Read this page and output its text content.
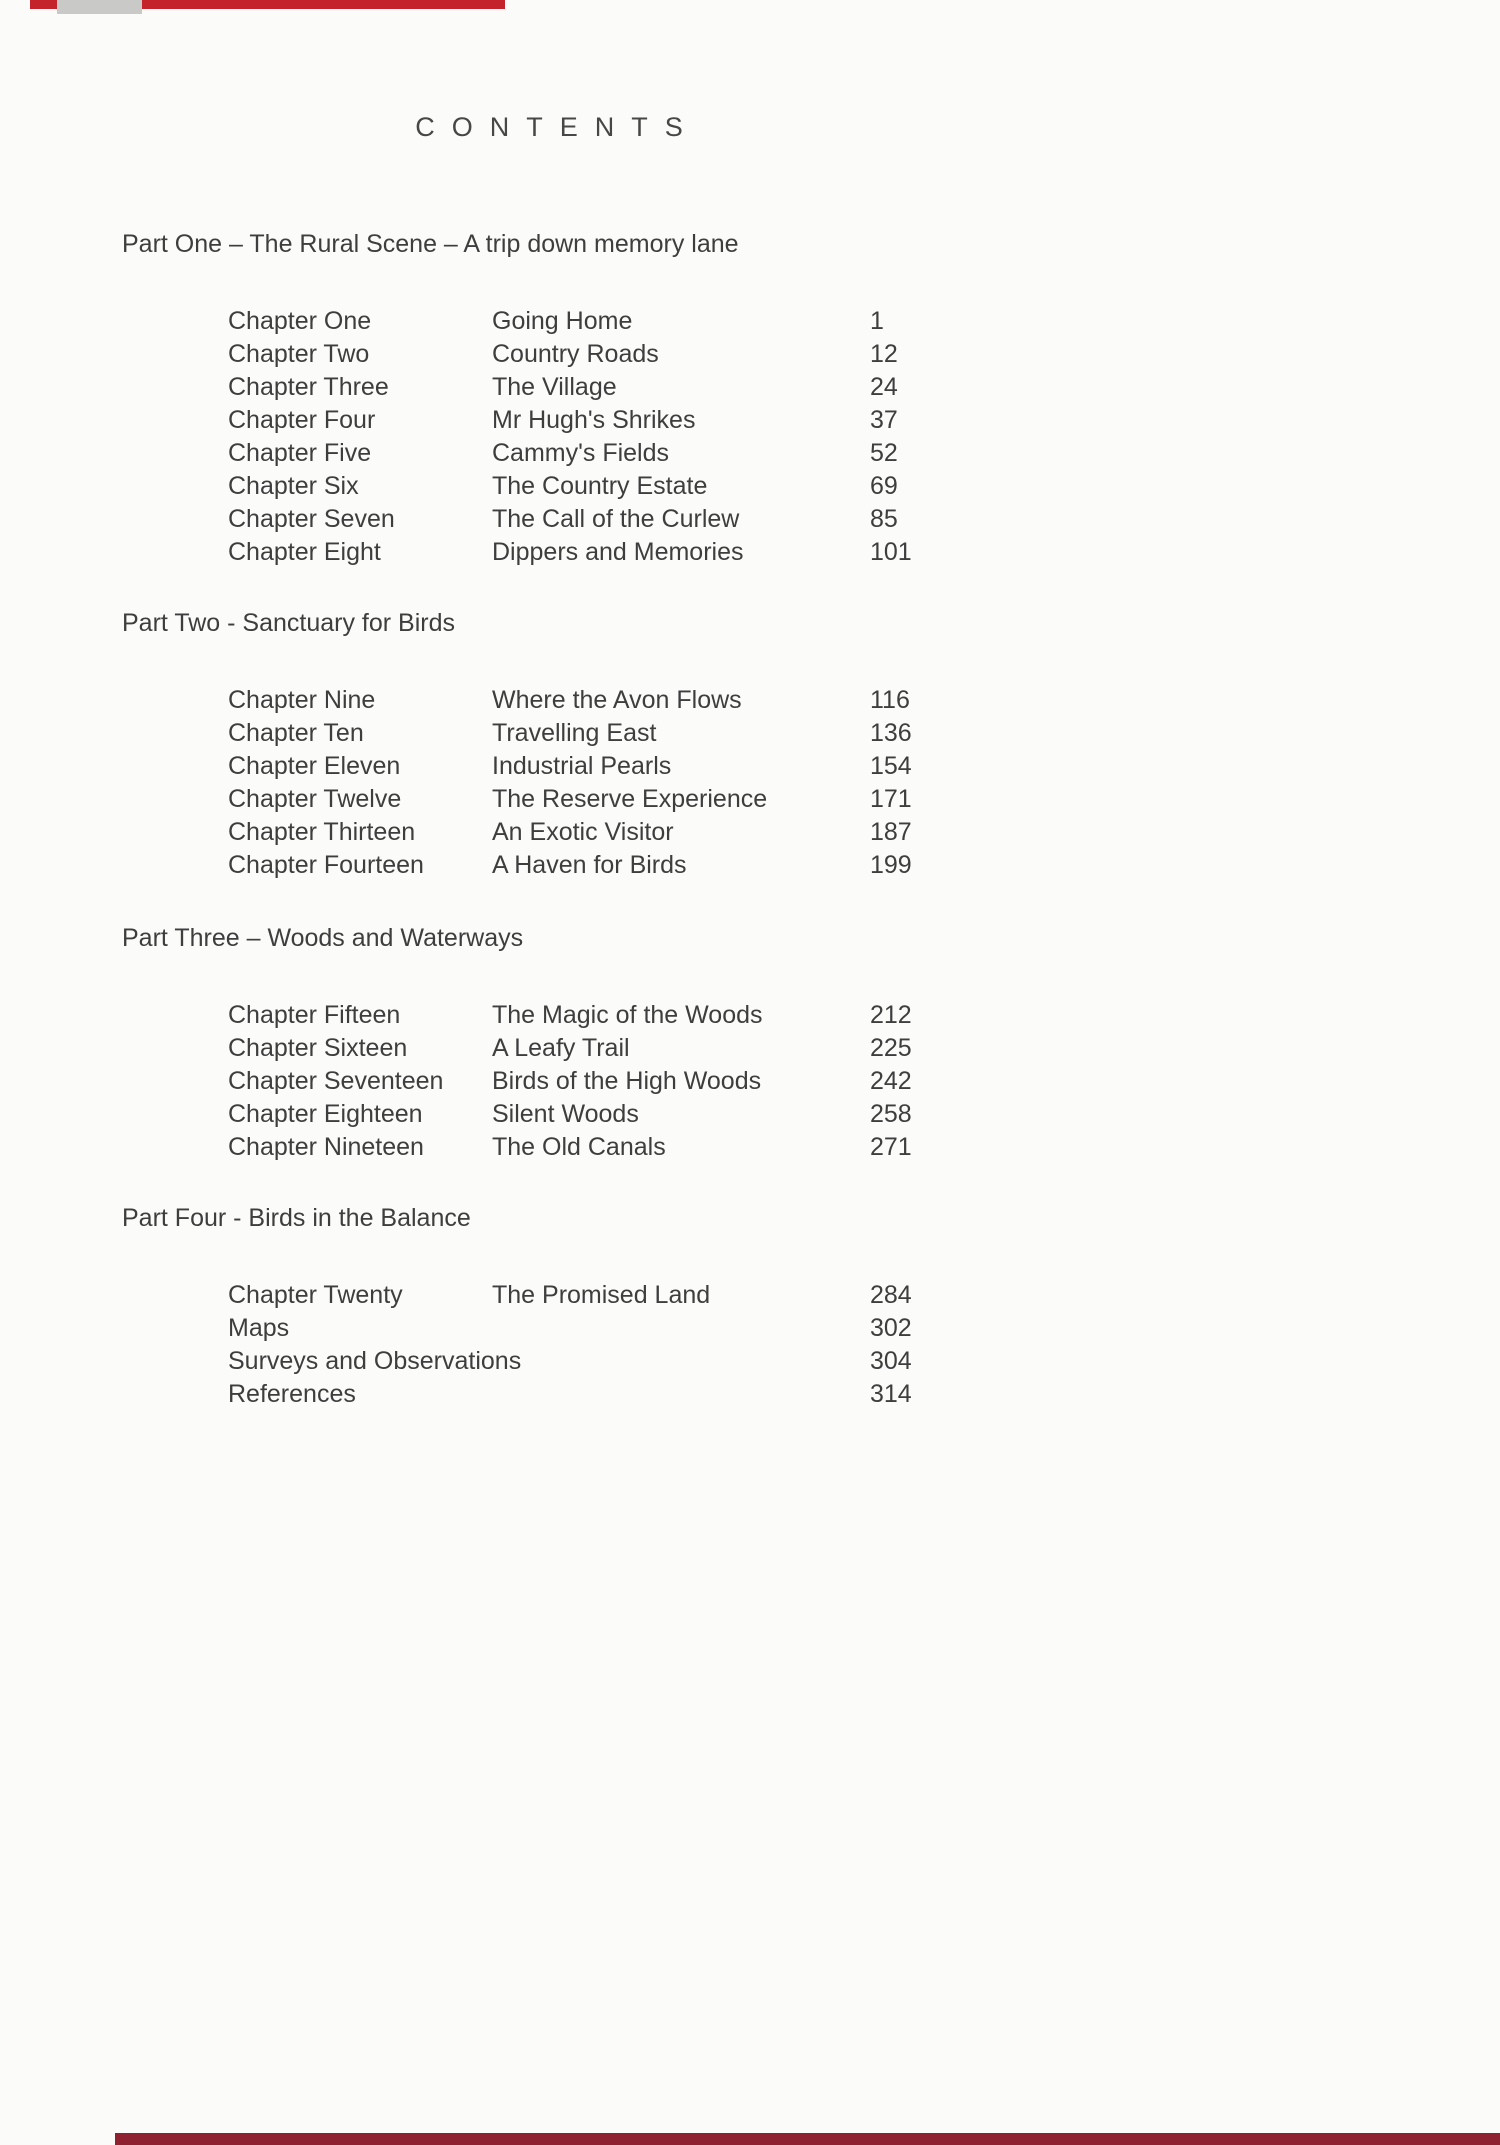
CONTENTS
Part One – The Rural Scene – A trip down memory lane
Chapter One	Going Home	1
Chapter Two	Country Roads	12
Chapter Three	The Village	24
Chapter Four	Mr Hugh's Shrikes	37
Chapter Five	Cammy's Fields	52
Chapter Six	The Country Estate	69
Chapter Seven	The Call of the Curlew	85
Chapter Eight	Dippers and Memories	101
Part Two - Sanctuary for Birds
Chapter Nine	Where the Avon Flows	116
Chapter Ten	Travelling East	136
Chapter Eleven	Industrial Pearls	154
Chapter Twelve	The Reserve Experience	171
Chapter Thirteen	An Exotic Visitor	187
Chapter Fourteen	A Haven for Birds	199
Part Three – Woods and Waterways
Chapter Fifteen	The Magic of the Woods	212
Chapter Sixteen	A Leafy Trail	225
Chapter Seventeen	Birds of the High Woods	242
Chapter Eighteen	Silent Woods	258
Chapter Nineteen	The Old Canals	271
Part Four - Birds in the Balance
Chapter Twenty	The Promised Land	284
Maps	302
Surveys and Observations	304
References	314
